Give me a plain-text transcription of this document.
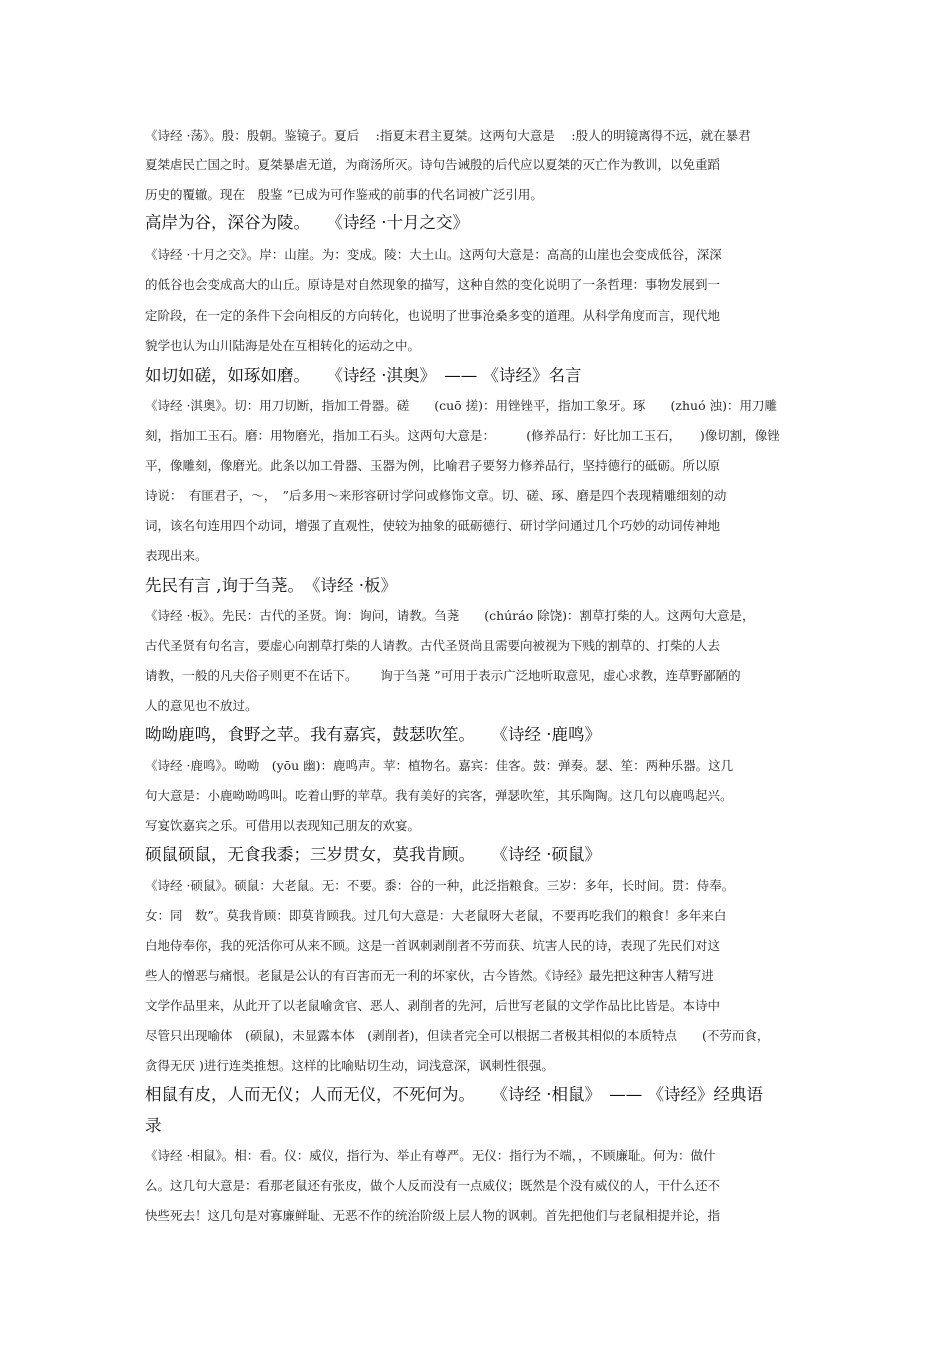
《诗经 ·荡》。殷：殷朝。鉴镜子。夏后　 :指夏末君主夏桀。这两句大意是　 :殷人的明镜离得不远，就在暴君
夏桀虐民亡国之时。夏桀暴虐无道，为商汤所灭。诗句告诫殷的后代应以夏桀的灭亡作为教训，以免重蹈
历史的覆辙。现在　殷鉴 ”已成为可作鉴戒的前事的代名词被广泛引用。
高岸为谷，深谷为陵。　　《诗经 ·十月之交》
《诗经 ·十月之交》。岸：山崖。为：变成。陵：大土山。这两句大意是：高高的山崖也会变成低谷，深深
的低谷也会变成高大的山丘。原诗是对自然现象的描写，这种自然的变化说明了一条哲理：事物发展到一
定阶段，在一定的条件下会向相反的方向转化，也说明了世事沧桑多变的道理。从科学角度而言，现代地
貌学也认为山川陆海是处在互相转化的运动之中。
如切如磋，如琢如磨。　　《诗经 ·淇奥》　—— 《诗经》名言
《诗经 ·淇奥》。切：用刀切断，指加工骨器。磋　　(cuō 搓)：用锉锉平，指加工象牙。琢　　(zhuó 浊)：用刀雕
刻，指加工玉石。磨：用物磨光，指加工石头。这两句大意是：　　　(修养品行：好比加工玉石，　　)像切割，像锉
平，像雕刻，像磨光。此条以加工骨器、玉器为例，比喻君子要努力修养品行，坚持德行的砥砺。所以原
诗说：　有匪君子，～，　”后多用～来形容研讨学问或修饰文章。切、磋、琢、磨是四个表现精雕细刻的动
词，该名句连用四个动词，增强了直观性，使较为抽象的砥砺德行、研讨学问通过几个巧妙的动词传神地
表现出来。
先民有言 ,询于刍荛。　《诗经 ·板》
《诗经 ·板》。先民：古代的圣贤。询：询问，请教。刍荛　　(chúráo 除饶)：割草打柴的人。这两句大意是，
古代圣贤有句名言，要虚心向割草打柴的人请教。古代圣贤尚且需要向被视为下贱的割草的、打柴的人去
请教，一般的凡夫俗子则更不在话下。　　 询于刍荛 ”可用于表示广泛地听取意见，虚心求教，连草野鄙陋的
人的意见也不放过。
呦呦鹿鸣，食野之苹。我有嘉宾，鼓瑟吹笙。　　《诗经 ·鹿鸣》
《诗经 ·鹿鸣》。呦呦　(yōu 幽)：鹿鸣声。苹：植物名。嘉宾：佳客。鼓：弹奏。瑟、笙：两种乐器。这几
句大意是：小鹿呦呦鸣叫。吃着山野的苹草。我有美好的宾客，弹瑟吹笙，其乐陶陶。这几句以鹿鸣起兴。
写宴饮嘉宾之乐。可借用以表现知己朋友的欢宴。
硕鼠硕鼠，无食我黍；三岁贯女，莫我肯顾。　　《诗经 ·硕鼠》
《诗经 ·硕鼠》。硕鼠：大老鼠。无：不要。黍：谷的一种，此泛指粮食。三岁：多年，长时间。贯：侍奉。
女：同　数”。莫我肯顾：即莫肯顾我。过几句大意是：大老鼠呀大老鼠，不要再吃我们的粮食！多年来白
白地侍奉你，我的死活你可从来不顾。这是一首讽刺剥削者不劳而获、坑害人民的诗，表现了先民们对这
些人的憎恶与痛恨。老鼠是公认的有百害而无一利的坏家伙，古今皆然。《诗经》最先把这种害人精写进
文学作品里来，从此开了以老鼠喻贪官、恶人、剥削者的先河，后世写老鼠的文学作品比比皆是。本诗中
尽管只出现喻体　(硕鼠)，未显露本体　(剥削者)，但读者完全可以根据二者极其相似的本质特点　　(不劳而食，
贪得无厌 )进行连类推想。这样的比喻贴切生动，词浅意深，讽刺性很强。
相鼠有皮，人而无仪；人而无仪，不死何为。　　《诗经 ·相鼠》　—— 《诗经》经典语
录
《诗经 ·相鼠》。相：看。仪：威仪，指行为、举止有尊严。无仪：指行为不端，，不顾廉耻。何为：做什
么。这几句大意是：看那老鼠还有张皮，做个人反而没有一点威仪；既然是个没有威仪的人，干什么还不
快些死去！这几句是对寡廉鲜耻、无恶不作的统治阶级上层人物的讽刺。首先把他们与老鼠相提并论，指
